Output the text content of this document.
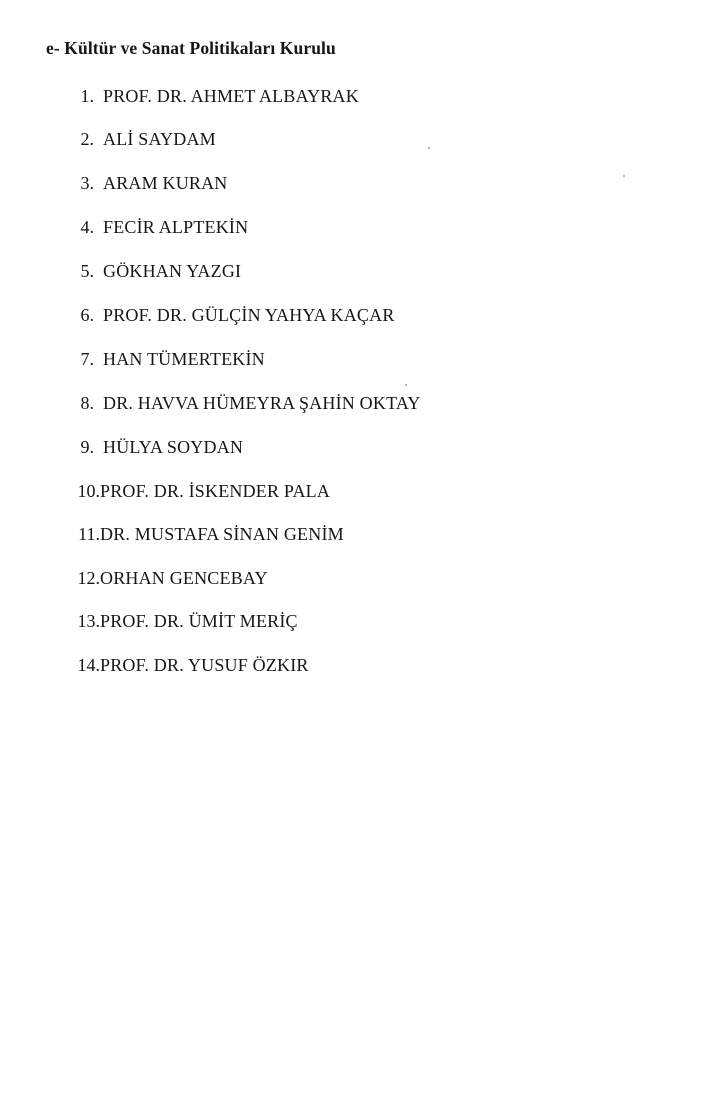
e- Kültür ve Sanat Politikaları Kurulu
1. PROF. DR. AHMET ALBAYRAK
2. ALİ SAYDAM
3. ARAM KURAN
4. FECİR ALPTEKİN
5. GÖKHAN YAZGI
6. PROF. DR. GÜLÇİN YAHYA KAÇAR
7. HAN TÜMERTEKİN
8. DR. HAVVA HÜMEYRA ŞAHİN OKTAY
9. HÜLYA SOYDAN
10. PROF. DR. İSKENDER PALA
11. DR. MUSTAFA SİNAN GENİM
12. ORHAN GENCEBAY
13. PROF. DR. ÜMİT MERİÇ
14. PROF. DR. YUSUF ÖZKIR
